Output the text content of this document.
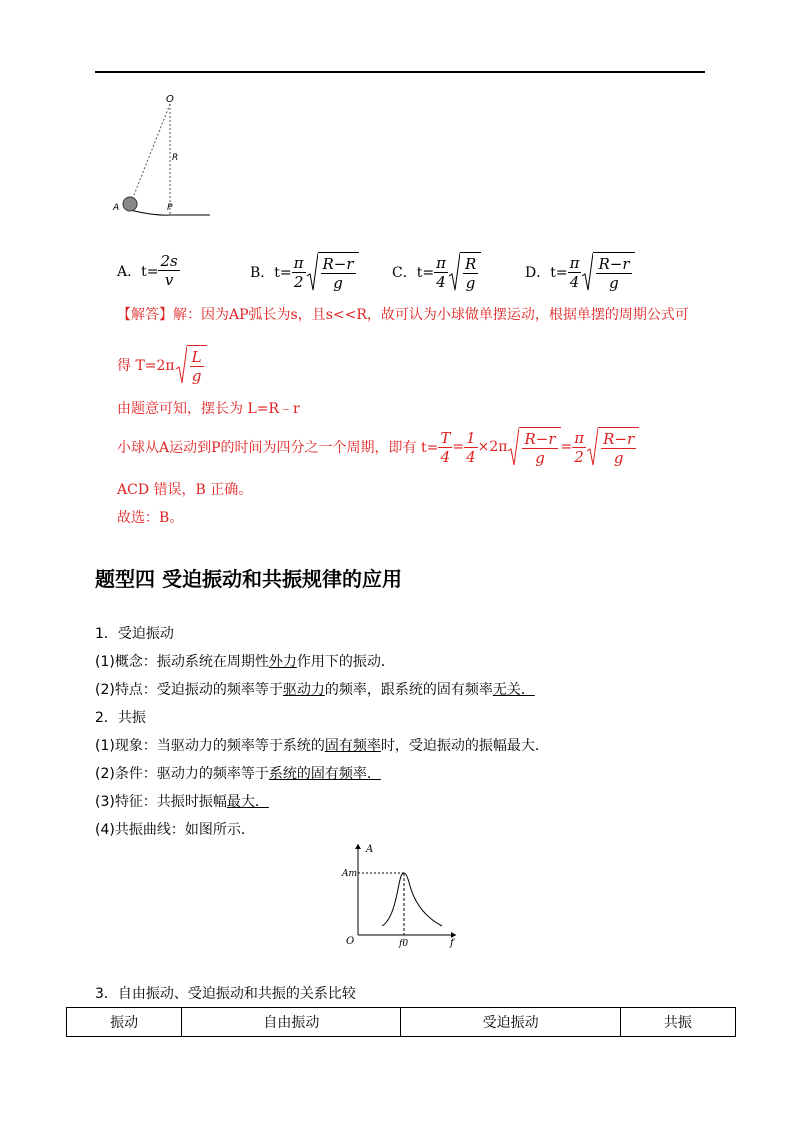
O
R
A	P
A．$t= \frac{2s}{v}$	B．$t= \frac{\pi}{2} \frac{R-r}{g}$	C．$t= \frac{\pi}{4} \frac{R}{g}$	D．$t= \frac{\pi}{4} \frac{R-r}{g}$
【解答】解：因为AP弧长为s，且s<<R，故可认为小球做单摆运动，根据单摆的周期公式可
得 $T=2\pi \frac{L}{g}$
由题意可知，摆长为 L=R﹣r
小球从A运动到P的时间为四分之一个周期，即有 $t= \frac{T}{4} = \frac{1}{4} \times 2\pi \frac{R-r}{g} = \frac{\pi}{2} \frac{R-r}{g}$
ACD 错误，B 正确。
故选：B。
题型四 受迫振动和共振规律的应用
1．受迫振动
(1)概念：振动系统在周期性外力作用下的振动．
(2)特点：受迫振动的频率等于驱动力的频率，跟系统的固有频率无关．
2．共振
(1)现象：当驱动力的频率等于系统的固有频率时，受迫振动的振幅最大．
(2)条件：驱动力的频率等于系统的固有频率．
(3)特征：共振时振幅最大．
(4)共振曲线：如图所示．
A
Am
O	f0	f
3．自由振动、受迫振动和共振的关系比较
振动	自由振动	受迫振动	共振
